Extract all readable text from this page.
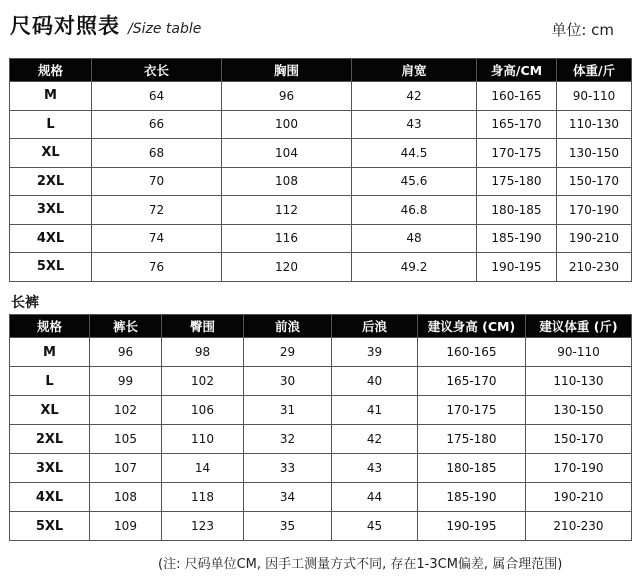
尺码对照表 /Size table	单位: cm
规格	衣长	胸围	肩宽	身高/CM	体重/斤
M	64	96	42	160-165	90-110
L	66	100	43	165-170	110-130
XL	68	104	44.5	170-175	130-150
2XL	70	108	45.6	175-180	150-170
3XL	72	112	46.8	180-185	170-190
4XL	74	116	48	185-190	190-210
5XL	76	120	49.2	190-195	210-230
长裤
规格	裤长	臀围	前浪	后浪	建议身高 (CM)	建议体重 (斤)
M	96	98	29	39	160-165	90-110
L	99	102	30	40	165-170	110-130
XL	102	106	31	41	170-175	130-150
2XL	105	110	32	42	175-180	150-170
3XL	107	14	33	43	180-185	170-190
4XL	108	118	34	44	185-190	190-210
5XL	109	123	35	45	190-195	210-230
(注: 尺码单位CM, 因手工测量方式不同, 存在1-3CM偏差, 属合理范围)
